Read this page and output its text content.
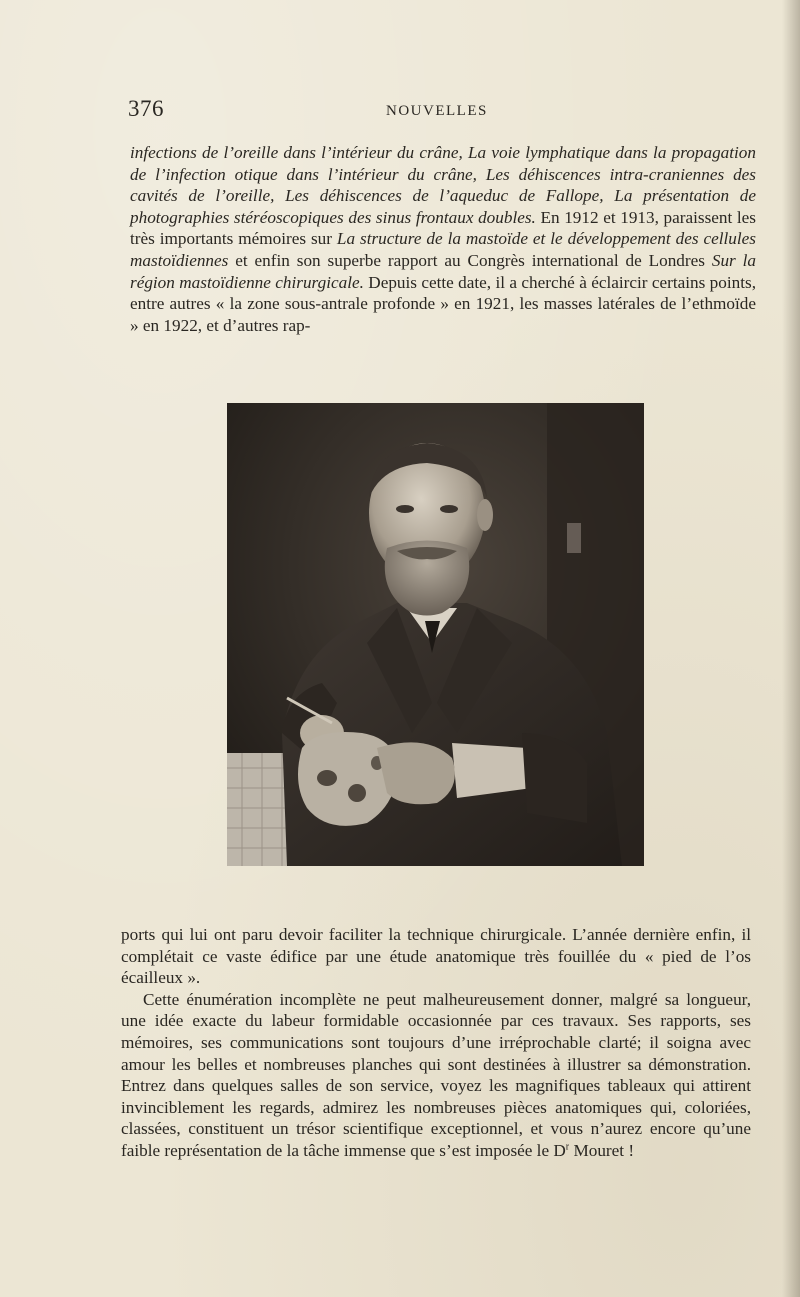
376	NOUVELLES

infections de l’oreille dans l’intérieur du crâne, La voie lymphatique dans la propagation de l’infection otique dans l’intérieur du crâne, Les déhiscences intra-craniennes des cavités de l’oreille, Les déhiscences de l’aqueduc de Fallope, La présentation de photographies stéréoscopiques des sinus frontaux doubles. En 1912 et 1913, paraissent les très importants mémoires sur La structure de la mastoïde et le développement des cellules mastoïdiennes et enfin son superbe rapport au Congrès international de Londres Sur la région mastoïdienne chirurgicale. Depuis cette date, il a cherché à éclaircir certains points, entre autres « la zone sous-antrale profonde » en 1921, les masses latérales de l’ethmoïde » en 1922, et d’autres rap-

ports qui lui ont paru devoir faciliter la technique chirurgicale. L’année dernière enfin, il complétait ce vaste édifice par une étude anatomique très fouillée du « pied de l’os écailleux ».

Cette énumération incomplète ne peut malheureusement donner, malgré sa longueur, une idée exacte du labeur formidable occasionnée par ces travaux. Ses rapports, ses mémoires, ses communications sont toujours d’une irréprochable clarté; il soigna avec amour les belles et nombreuses planches qui sont destinées à illustrer sa démonstration. Entrez dans quelques salles de son service, voyez les magnifiques tableaux qui attirent invinciblement les regards, admirez les nombreuses pièces anatomiques qui, coloriées, classées, constituent un trésor scientifique exceptionnel, et vous n’aurez encore qu’une faible représentation de la tâche immense que s’est imposée le $D^r$ Mouret !
